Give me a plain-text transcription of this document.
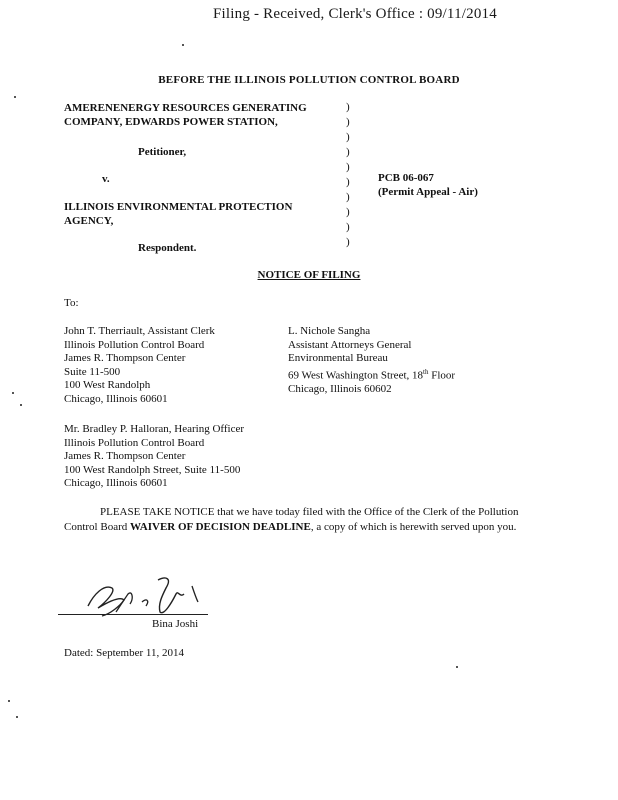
Filing - Received, Clerk's Office : 09/11/2014
BEFORE THE ILLINOIS POLLUTION CONTROL BOARD
AMERENENERGY RESOURCES GENERATING
COMPANY, EDWARDS POWER STATION,
Petitioner,
v.
ILLINOIS ENVIRONMENTAL PROTECTION
AGENCY,
Respondent.
)
)
)
)
)
)
)
)
)
)
PCB 06-067
(Permit Appeal - Air)
NOTICE OF FILING
To:
John T. Therriault, Assistant Clerk
Illinois Pollution Control Board
James R. Thompson Center
Suite 11-500
100 West Randolph
Chicago, Illinois 60601
L. Nichole Sangha
Assistant Attorneys General
Environmental Bureau
69 West Washington Street, 18th Floor
Chicago, Illinois 60602
Mr. Bradley P. Halloran, Hearing Officer
Illinois Pollution Control Board
James R. Thompson Center
100 West Randolph Street, Suite 11-500
Chicago, Illinois 60601
PLEASE TAKE NOTICE that we have today filed with the Office of the Clerk of the Pollution Control Board WAIVER OF DECISION DEADLINE, a copy of which is herewith served upon you.
Bina Joshi
Dated: September 11, 2014
